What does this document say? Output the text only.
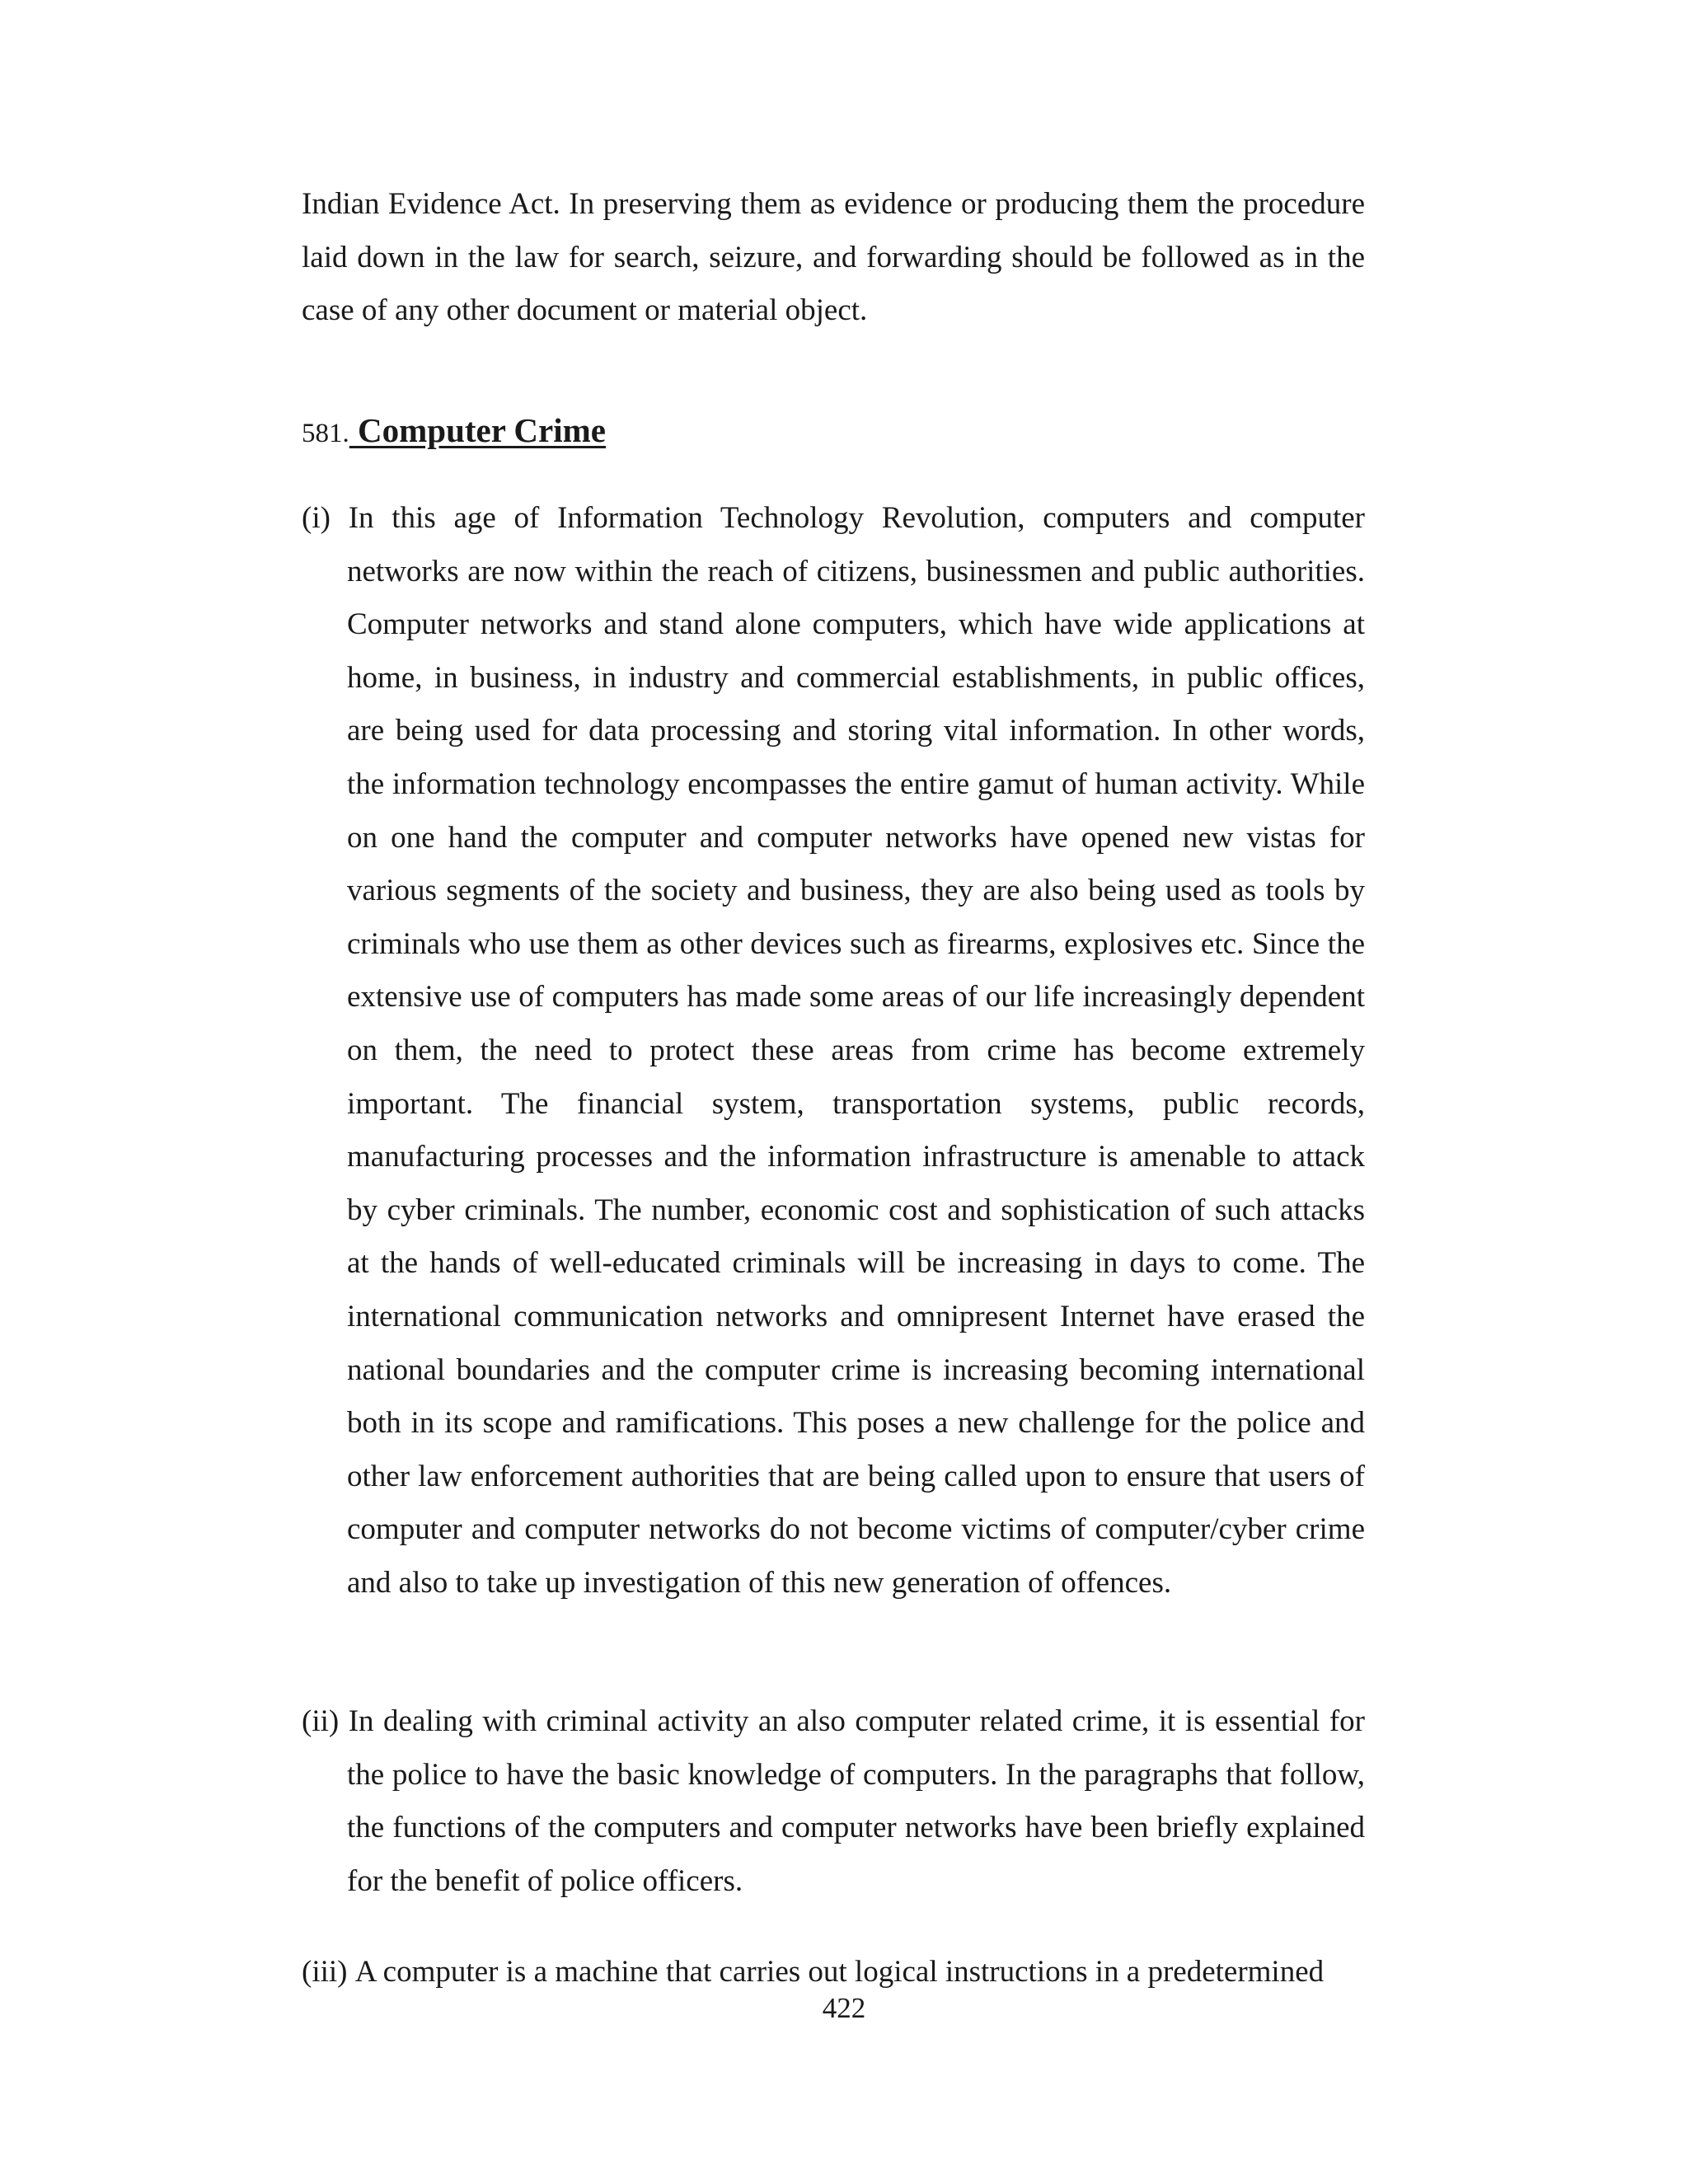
Indian Evidence Act. In preserving them as evidence or producing them the procedure laid down in the law for search, seizure, and forwarding should be followed as in the case of any other document or material object.

581. Computer Crime

(i) In this age of Information Technology Revolution, computers and computer networks are now within the reach of citizens, businessmen and public authorities. Computer networks and stand alone computers, which have wide applications at home, in business, in industry and commercial establishments, in public offices, are being used for data processing and storing vital information. In other words, the information technology encompasses the entire gamut of human activity. While on one hand the computer and computer networks have opened new vistas for various segments of the society and business, they are also being used as tools by criminals who use them as other devices such as firearms, explosives etc. Since the extensive use of computers has made some areas of our life increasingly dependent on them, the need to protect these areas from crime has become extremely important. The financial system, transportation systems, public records, manufacturing processes and the information infrastructure is amenable to attack by cyber criminals. The number, economic cost and sophistication of such attacks at the hands of well-educated criminals will be increasing in days to come. The international communication networks and omnipresent Internet have erased the national boundaries and the computer crime is increasing becoming international both in its scope and ramifications. This poses a new challenge for the police and other law enforcement authorities that are being called upon to ensure that users of computer and computer networks do not become victims of computer/cyber crime and also to take up investigation of this new generation of offences.

(ii) In dealing with criminal activity an also computer related crime, it is essential for the police to have the basic knowledge of computers. In the paragraphs that follow, the functions of the computers and computer networks have been briefly explained for the benefit of police officers.

(iii) A computer is a machine that carries out logical instructions in a predetermined

422
